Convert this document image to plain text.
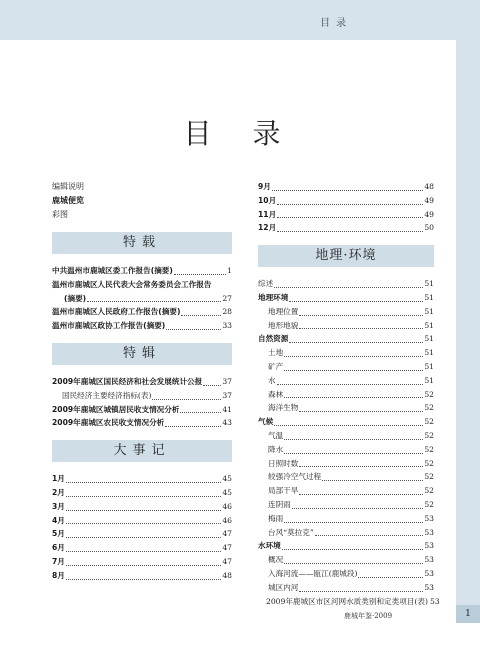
目录
目 录
编辑说明
鹿城便览
彩图
特载
中共温州市鹿城区委工作报告(摘要)	1
温州市鹿城区人民代表大会常务委员会工作报告
(摘要)	27
温州市鹿城区人民政府工作报告(摘要)	28
温州市鹿城区政协工作报告(摘要)	33
特辑
2009年鹿城区国民经济和社会发展统计公报	37
国民经济主要经济指标(表)	37
2009年鹿城区城镇居民收支情况分析	41
2009年鹿城区农民收支情况分析	43
大事记
1月	45
2月	45
3月	46
4月	46
5月	47
6月	47
7月	47
8月	48
9月	48
10月	49
11月	49
12月	50
地理·环境
综述	51
地理环境	51
地理位置	51
地形地貌	51
自然资源	51
土地	51
矿产	51
水	51
森林	52
海洋生物	52
气候	52
气温	52
降水	52
日照时数	52
较强冷空气过程	52
局部干旱	52
连阴雨	52
梅雨	53
台风“莫拉克”	53
水环境	53
概况	53
入海河流——瓯江(鹿城段)	53
城区内河	53
2009年鹿城区市区河网水质类别和定类项目(表) 53
鹿城年鉴·2009	1
